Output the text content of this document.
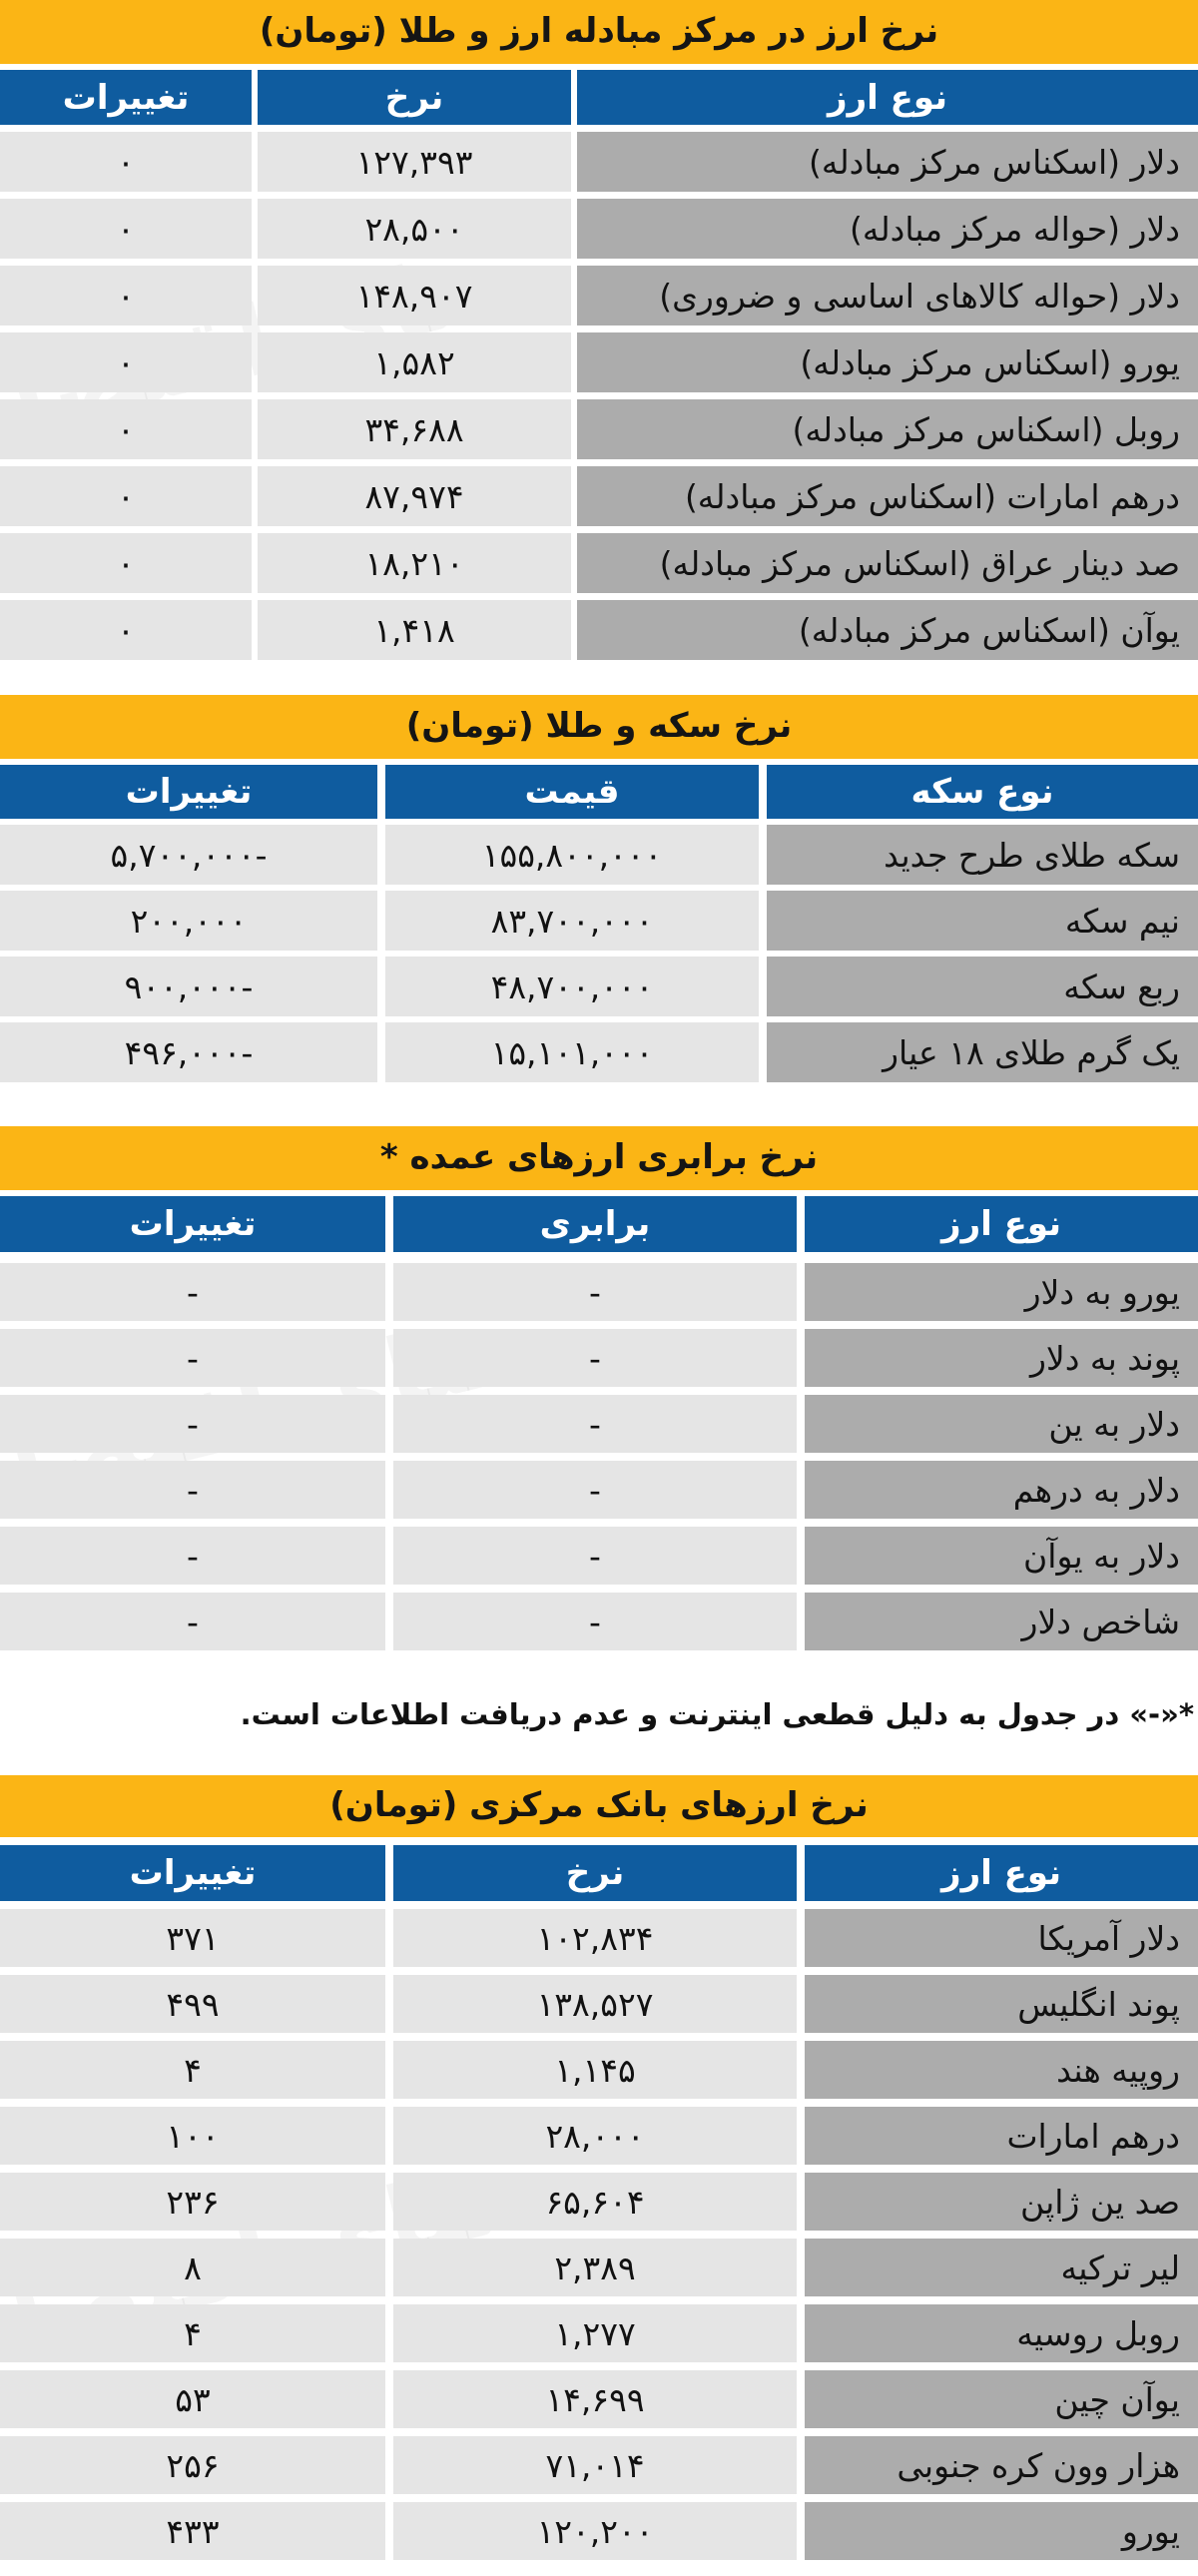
نرخ ارز در مرکز مبادله ارز و طلا (تومان)
نوع ارز
نرخ
تغییرات
دلار (اسکناس مرکز مبادله)
۱۲۷,۳۹۳
۰
دلار (حواله مرکز مبادله)
۲۸,۵۰۰
۰
دلار (حواله کالاهای اساسی و ضروری)
۱۴۸,۹۰۷
۰
یورو (اسکناس مرکز مبادله)
۱,۵۸۲
۰
روبل (اسکناس مرکز مبادله)
۳۴,۶۸۸
۰
درهم امارات (اسکناس مرکز مبادله)
۸۷,۹۷۴
۰
صد دینار عراق (اسکناس مرکز مبادله)
۱۸,۲۱۰
۰
یوآن (اسکناس مرکز مبادله)
۱,۴۱۸
۰
نرخ سکه و طلا (تومان)
نوع سکه
قیمت
تغییرات
سکه طلای طرح جدید
۱۵۵,۸۰۰,۰۰۰
-۵,۷۰۰,۰۰۰
نیم سکه
۸۳,۷۰۰,۰۰۰
۲۰۰,۰۰۰
ربع سکه
۴۸,۷۰۰,۰۰۰
-۹۰۰,۰۰۰
یک گرم طلای ۱۸ عیار
۱۵,۱۰۱,۰۰۰
-۴۹۶,۰۰۰
نرخ برابری ارزهای عمده *
نوع ارز
برابری
تغییرات
یورو به دلار
-
-
پوند به دلار
-
-
دلار به ین
-
-
دلار به درهم
-
-
دلار به یوآن
-
-
شاخص دلار
-
-
*«-» در جدول به دلیل قطعی اینترنت و عدم دریافت اطلاعات است.
نرخ ارزهای بانک مرکزی (تومان)
نوع ارز
نرخ
تغییرات
دلار آمریکا
۱۰۲,۸۳۴
۳۷۱
پوند انگلیس
۱۳۸,۵۲۷
۴۹۹
روپیه هند
۱,۱۴۵
۴
درهم امارات
۲۸,۰۰۰
۱۰۰
صد ین ژاپن
۶۵,۶۰۴
۲۳۶
لیر ترکیه
۲,۳۸۹
۸
روبل روسیه
۱,۲۷۷
۴
یوآن چین
۱۴,۶۹۹
۵۳
هزار وون کره جنوبی
۷۱,۰۱۴
۲۵۶
یورو
۱۲۰,۲۰۰
۴۳۳
